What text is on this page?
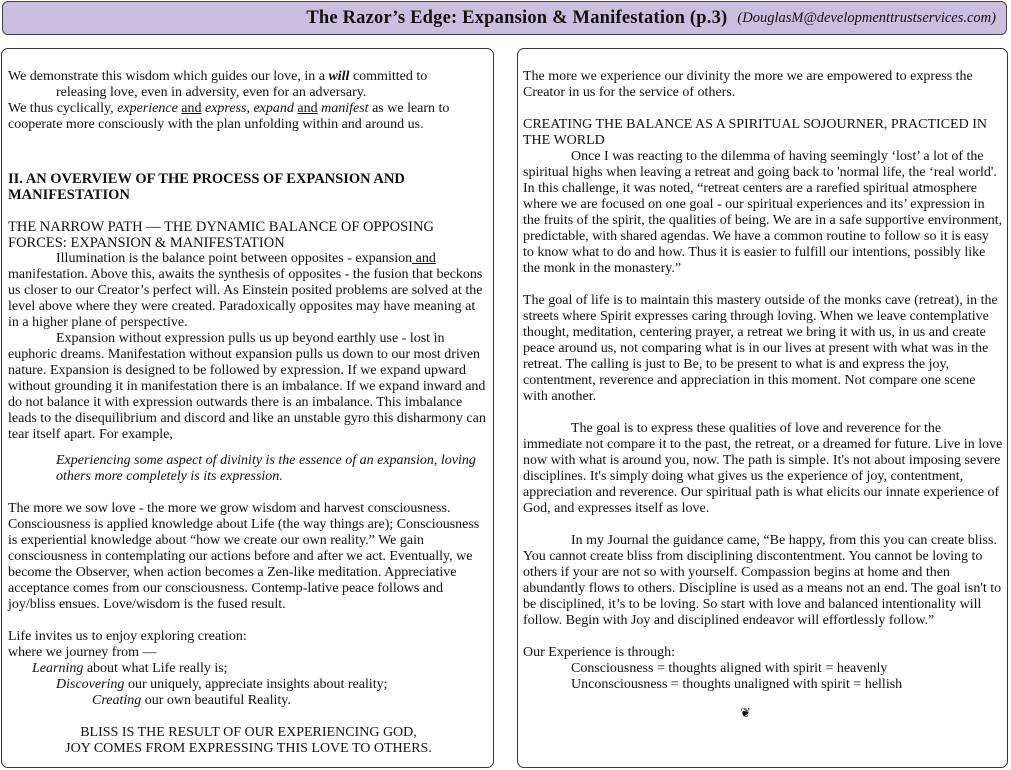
The Razor’s Edge: Expansion & Manifestation (p.3) (DouglasM@developmenttrustservices.com)
We demonstrate this wisdom which guides our love, in a will committed to
releasing love, even in adversity, even for an adversary.
We thus cyclically, experience and express, expand and manifest as we learn to cooperate more consciously with the plan unfolding within and around us.
II. AN OVERVIEW OF THE PROCESS OF EXPANSION AND MANIFESTATION
THE NARROW PATH — THE DYNAMIC BALANCE OF OPPOSING FORCES: EXPANSION & MANIFESTATION
Illumination is the balance point between opposites - expansion and manifestation. Above this, awaits the synthesis of opposites - the fusion that beckons us closer to our Creator’s perfect will. As Einstein posited problems are solved at the level above where they were created. Paradoxically opposites may have meaning at in a higher plane of perspective.
Expansion without expression pulls us up beyond earthly use - lost in euphoric dreams. Manifestation without expansion pulls us down to our most driven nature. Expansion is designed to be followed by expression. If we expand upward without grounding it in manifestation there is an imbalance. If we expand inward and do not balance it with expression outwards there is an imbalance. This imbalance leads to the disequilibrium and discord and like an unstable gyro this disharmony can tear itself apart. For example,
Experiencing some aspect of divinity is the essence of an expansion, loving others more completely is its expression.
The more we sow love - the more we grow wisdom and harvest consciousness. Consciousness is applied knowledge about Life (the way things are); Consciousness is experiential knowledge about “how we create our own reality.” We gain consciousness in contemplating our actions before and after we act. Eventually, we become the Observer, when action becomes a Zen-like meditation. Appreciative acceptance comes from our consciousness. Contemp-lative peace follows and joy/bliss ensues. Love/wisdom is the fused result.
Life invites us to enjoy exploring creation:
where we journey from —
Learning about what Life really is;
Discovering our uniquely, appreciate insights about reality;
Creating our own beautiful Reality.
BLISS IS THE RESULT OF OUR EXPERIENCING GOD,
JOY COMES FROM EXPRESSING THIS LOVE TO OTHERS.
The more we experience our divinity the more we are empowered to express the Creator in us for the service of others.
CREATING THE BALANCE AS A SPIRITUAL SOJOURNER, PRACTICED IN THE WORLD
Once I was reacting to the dilemma of having seemingly ‘lost’ a lot of the spiritual highs when leaving a retreat and going back to 'normal life, the ‘real world'. In this challenge, it was noted, “retreat centers are a rarefied spiritual atmosphere where we are focused on one goal - our spiritual experiences and its’ expression in the fruits of the spirit, the qualities of being. We are in a safe supportive environment, predictable, with shared agendas. We have a common routine to follow so it is easy to know what to do and how. Thus it is easier to fulfill our intentions, possibly like the monk in the monastery.”
The goal of life is to maintain this mastery outside of the monks cave (retreat), in the streets where Spirit expresses caring through loving. When we leave contemplative thought, meditation, centering prayer, a retreat we bring it with us, in us and create peace around us, not comparing what is in our lives at present with what was in the retreat. The calling is just to Be, to be present to what is and express the joy, contentment, reverence and appreciation in this moment. Not compare one scene with another.
The goal is to express these qualities of love and reverence for the immediate not compare it to the past, the retreat, or a dreamed for future. Live in love now with what is around you, now. The path is simple. It's not about imposing severe disciplines. It's simply doing what gives us the experience of joy, contentment, appreciation and reverence. Our spiritual path is what elicits our innate experience of God, and expresses itself as love.
In my Journal the guidance came, “Be happy, from this you can create bliss. You cannot create bliss from disciplining discontentment. You cannot be loving to others if your are not so with yourself. Compassion begins at home and then abundantly flows to others. Discipline is used as a means not an end. The goal isn't to be disciplined, it’s to be loving. So start with love and balanced intentionality will follow. Begin with Joy and disciplined endeavor will effortlessly follow.”
Our Experience is through:
Consciousness = thoughts aligned with spirit = heavenly
Unconsciousness = thoughts unaligned with spirit = hellish
❦
